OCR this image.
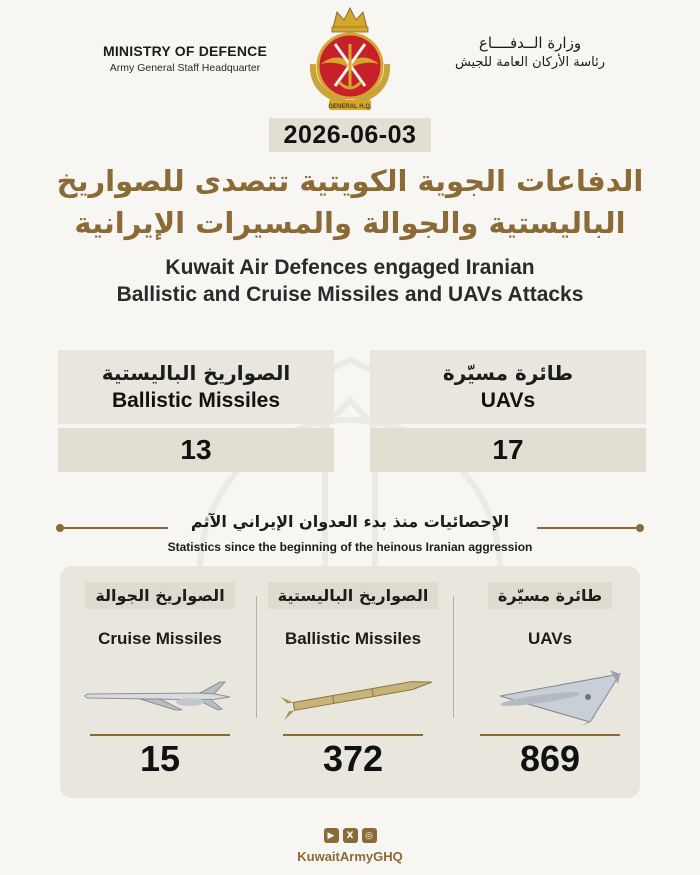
MINISTRY OF DEFENCE
Army General Staff Headquarter
GENERAL H.Q.
وزارة الــدفــــاع
رئاسة الأركان العامة للجيش
2026-06-03
الدفاعات الجوية الكويتية تتصدى للصواريخ
الباليستية والجوالة والمسيرات الإيرانية
Kuwait Air Defences engaged Iranian
Ballistic and Cruise Missiles and UAVs Attacks
الصواريخ الباليستية
Ballistic Missiles
13
طائرة مسيّرة
UAVs
17
الإحصائيات منذ بدء العدوان الإيراني الآثم
Statistics since the beginning of the heinous Iranian aggression
الصواريخ الجوالة
Cruise Missiles
15
الصواريخ الباليستية
Ballistic Missiles
372
طائرة مسيّرة
UAVs
869
▶	X	◎
KuwaitArmyGHQ
